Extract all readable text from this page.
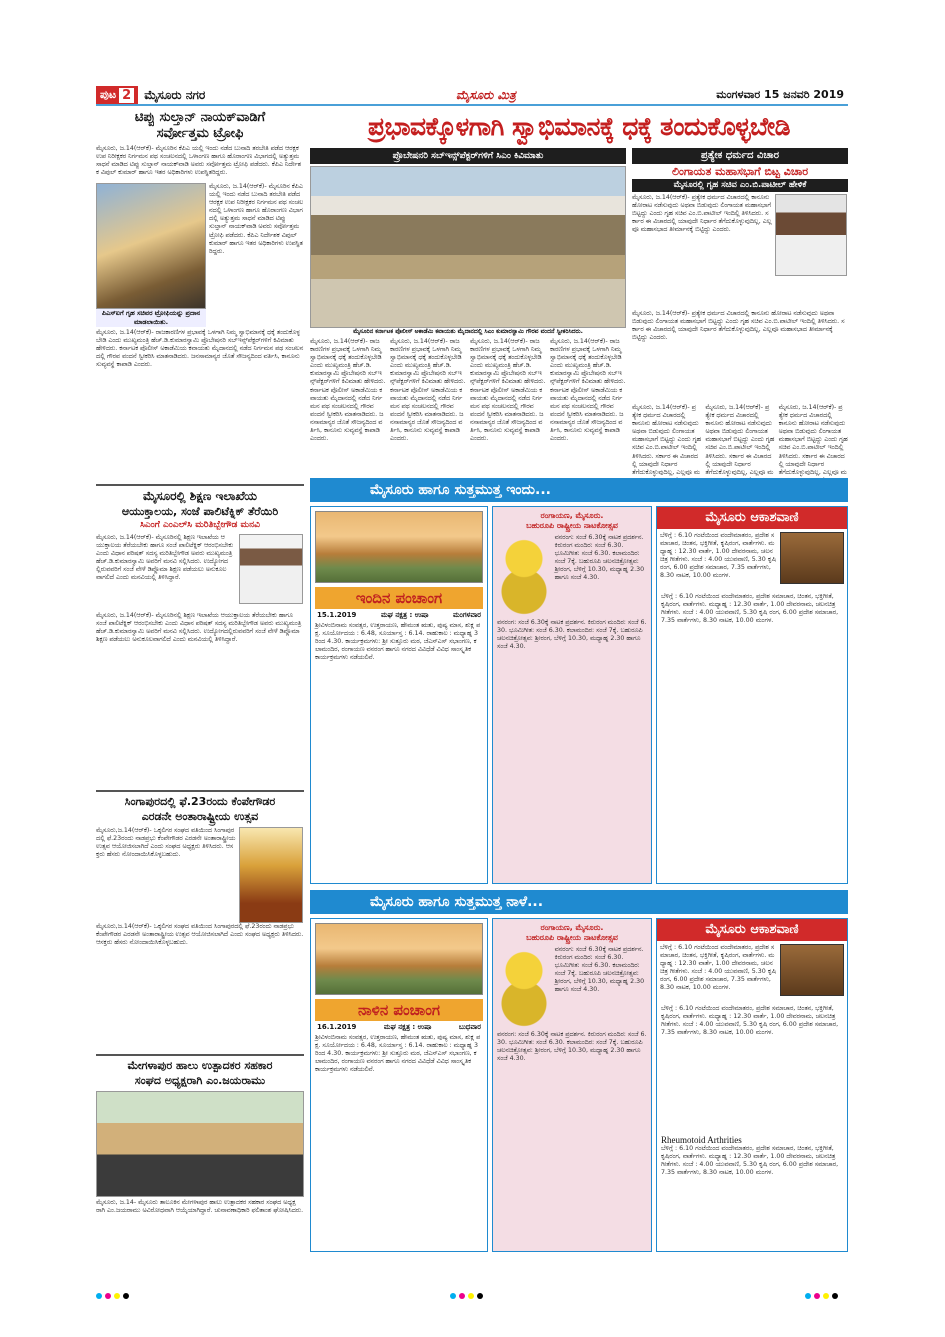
ಪುಟ 2 ಮೈಸೂರು ನಗರ	ಮೈಸೂರು ಮಿತ್ರ	ಮಂಗಳವಾರ 15 ಜನವರಿ 2019
ಟಿಪ್ಪು ಸುಲ್ತಾನ್ ನಾಯಕ್‌ವಾಡಿಗೆ
ಸರ್ವೋತ್ತಮ ಟ್ರೋಫಿ
ಮೈಸೂರು, ಜ.14(ಆರ್‌ಕೆ)- ಮೈಸೂರಿನ ಕೆಪಿಎ ಯಲ್ಲಿ ಇಂದು ನಡೆದ ಬುನಾದಿ ತರಬೇತಿ ಪಡೆದ ಆರಕ್ಷಕ ಉಪ ನಿರೀಕ್ಷಕರ ನಿರ್ಗಮನ ಪಥ ಸಂಚಲನದಲ್ಲಿ ಒಳಾಂಗಣ ಹಾಗೂ ಹೊರಾಂಗಣ ವಿಭಾಗದಲ್ಲಿ ಅತ್ಯುತ್ತಮ ಸಾಧನೆ ಮಾಡಿದ ಟಿಪ್ಪು ಸುಲ್ತಾನ್ ನಾಯಕ್‌ವಾಡಿ ಅವರು ಸರ್ವೋತ್ತಮ ಟ್ರೋಫಿ ಪಡೆದರು. ಕೆಪಿಎ ನಿರ್ದೇಶಕ ವಿಪುಲ್ ಕುಮಾರ್ ಹಾಗೂ ಇತರ ಅಧಿಕಾರಿಗಳು ಉಪಸ್ಥಿತರಿದ್ದರು.
ಮೈಸೂರು, ಜ.14(ಆರ್‌ಕೆ)- ಮೈಸೂರಿನ ಕೆಪಿಎ ಯಲ್ಲಿ ಇಂದು ನಡೆದ ಬುನಾದಿ ತರಬೇತಿ ಪಡೆದ ಆರಕ್ಷಕ ಉಪ ನಿರೀಕ್ಷಕರ ನಿರ್ಗಮನ ಪಥ ಸಂಚಲನದಲ್ಲಿ ಒಳಾಂಗಣ ಹಾಗೂ ಹೊರಾಂಗಣ ವಿಭಾಗದಲ್ಲಿ ಅತ್ಯುತ್ತಮ ಸಾಧನೆ ಮಾಡಿದ ಟಿಪ್ಪು ಸುಲ್ತಾನ್ ನಾಯಕ್‌ವಾಡಿ ಅವರು ಸರ್ವೋತ್ತಮ ಟ್ರೋಫಿ ಪಡೆದರು. ಕೆಪಿಎ ನಿರ್ದೇಶಕ ವಿಪುಲ್ ಕುಮಾರ್ ಹಾಗೂ ಇತರ ಅಧಿಕಾರಿಗಳು ಉಪಸ್ಥಿತರಿದ್ದರು.
ಪಿಎಸ್‌ಐಗೆ ಗೃಹ ಸಚಿವರ ಟ್ರೋಫಿಯನ್ನು ಪ್ರದಾನ ಮಾಡಲಾಯಿತು.
ಮೈಸೂರು, ಜ.14(ಆರ್‌ಕೆ)- ರಾಜಕಾರಣಿಗಳ ಪ್ರಭಾವಕ್ಕೆ ಒಳಗಾಗಿ ನಿಮ್ಮ ಸ್ವಾಭಿಮಾನಕ್ಕೆ ಧಕ್ಕೆ ತಂದುಕೊಳ್ಳಬೇಡಿ ಎಂದು ಮುಖ್ಯಮಂತ್ರಿ ಹೆಚ್.ಡಿ.ಕುಮಾರಸ್ವಾಮಿ ಪ್ರೊಬೇಷನರಿ ಸಬ್‌ಇನ್ಸ್‌ಪೆಕ್ಟರ್‌ಗಳಿಗೆ ಕಿವಿಮಾತು ಹೇಳಿದರು. ಕರ್ನಾಟಕ ಪೊಲೀಸ್ ಅಕಾಡೆಮಿಯ ಕವಾಯತು ಮೈದಾನದಲ್ಲಿ ನಡೆದ ನಿರ್ಗಮನ ಪಥ ಸಂಚಲನದಲ್ಲಿ ಗೌರವ ವಂದನೆ ಸ್ವೀಕರಿಸಿ ಮಾತನಾಡಿದರು. ಜನಸಾಮಾನ್ಯರ ಜೊತೆ ಸೌಜನ್ಯದಿಂದ ವರ್ತಿಸಿ, ಕಾನೂನು ಸುವ್ಯವಸ್ಥೆ ಕಾಪಾಡಿ ಎಂದರು.
ಮೈಸೂರಲ್ಲಿ ಶಿಕ್ಷಣ ಇಲಾಖೆಯ
ಆಯುಕ್ತಾಲಯ, ಸಂಜೆ ಪಾಲಿಟೆಕ್ನಿಕ್ ತೆರೆಯಿರಿ
ಸಿಎಂಗೆ ಎಂಎಲ್‌ಸಿ ಮರಿತಿಬ್ಬೇಗೌಡ ಮನವಿ
ಮೈಸೂರು, ಜ.14(ಆರ್‌ಕೆ)- ಮೈಸೂರಿನಲ್ಲಿ ಶಿಕ್ಷಣ ಇಲಾಖೆಯ ಆಯುಕ್ತಾಲಯ ತೆರೆಯಬೇಕು ಹಾಗೂ ಸಂಜೆ ಪಾಲಿಟೆಕ್ನಿಕ್ ಆರಂಭಿಸಬೇಕು ಎಂದು ವಿಧಾನ ಪರಿಷತ್ ಸದಸ್ಯ ಮರಿತಿಬ್ಬೇಗೌಡ ಅವರು ಮುಖ್ಯಮಂತ್ರಿ ಹೆಚ್.ಡಿ.ಕುಮಾರಸ್ವಾಮಿ ಅವರಿಗೆ ಮನವಿ ಸಲ್ಲಿಸಿದರು. ಉದ್ಯೋಗದಲ್ಲಿರುವವರಿಗೆ ಸಂಜೆ ವೇಳೆ ಡಿಪ್ಲೊಮಾ ಶಿಕ್ಷಣ ಪಡೆಯಲು ಅನುಕೂಲವಾಗಲಿದೆ ಎಂದು ಮನವಿಯಲ್ಲಿ ತಿಳಿಸಿದ್ದಾರೆ.
ಮೈಸೂರು, ಜ.14(ಆರ್‌ಕೆ)- ಮೈಸೂರಿನಲ್ಲಿ ಶಿಕ್ಷಣ ಇಲಾಖೆಯ ಆಯುಕ್ತಾಲಯ ತೆರೆಯಬೇಕು ಹಾಗೂ ಸಂಜೆ ಪಾಲಿಟೆಕ್ನಿಕ್ ಆರಂಭಿಸಬೇಕು ಎಂದು ವಿಧಾನ ಪರಿಷತ್ ಸದಸ್ಯ ಮರಿತಿಬ್ಬೇಗೌಡ ಅವರು ಮುಖ್ಯಮಂತ್ರಿ ಹೆಚ್.ಡಿ.ಕುಮಾರಸ್ವಾಮಿ ಅವರಿಗೆ ಮನವಿ ಸಲ್ಲಿಸಿದರು. ಉದ್ಯೋಗದಲ್ಲಿರುವವರಿಗೆ ಸಂಜೆ ವೇಳೆ ಡಿಪ್ಲೊಮಾ ಶಿಕ್ಷಣ ಪಡೆಯಲು ಅನುಕೂಲವಾಗಲಿದೆ ಎಂದು ಮನವಿಯಲ್ಲಿ ತಿಳಿಸಿದ್ದಾರೆ.
ಸಿಂಗಾಪುರದಲ್ಲಿ ಫೆ.23ರಂದು ಕೆಂಪೇಗೌಡರ
ಎರಡನೇ ಅಂತಾರಾಷ್ಟ್ರೀಯ ಉತ್ಸವ
ಮೈಸೂರು,ಜ.14(ಆರ್‌ಕೆ)- ಒಕ್ಕಲಿಗರ ಸಂಘದ ವತಿಯಿಂದ ಸಿಂಗಾಪುರದಲ್ಲಿ ಫೆ.23ರಂದು ನಾಡಪ್ರಭು ಕೆಂಪೇಗೌಡರ ಎರಡನೇ ಅಂತಾರಾಷ್ಟ್ರೀಯ ಉತ್ಸವ ಆಯೋಜಿಸಲಾಗಿದೆ ಎಂದು ಸಂಘದ ಅಧ್ಯಕ್ಷರು ತಿಳಿಸಿದರು. ಆಸಕ್ತರು ಹೆಸರು ನೋಂದಾಯಿಸಿಕೊಳ್ಳಬಹುದು.
ಮೈಸೂರು,ಜ.14(ಆರ್‌ಕೆ)- ಒಕ್ಕಲಿಗರ ಸಂಘದ ವತಿಯಿಂದ ಸಿಂಗಾಪುರದಲ್ಲಿ ಫೆ.23ರಂದು ನಾಡಪ್ರಭು ಕೆಂಪೇಗೌಡರ ಎರಡನೇ ಅಂತಾರಾಷ್ಟ್ರೀಯ ಉತ್ಸವ ಆಯೋಜಿಸಲಾಗಿದೆ ಎಂದು ಸಂಘದ ಅಧ್ಯಕ್ಷರು ತಿಳಿಸಿದರು. ಆಸಕ್ತರು ಹೆಸರು ನೋಂದಾಯಿಸಿಕೊಳ್ಳಬಹುದು.
ಮೇಗಳಾಪುರ ಹಾಲು ಉತ್ಪಾದಕರ ಸಹಕಾರ
ಸಂಘದ ಅಧ್ಯಕ್ಷರಾಗಿ ಎಂ.ಜಯರಾಮು
ಮೈಸೂರು, ಜ.14- ಮೈಸೂರು ತಾಲೂಕಿನ ಮೇಗಳಾಪುರ ಹಾಲು ಉತ್ಪಾದಕರ ಸಹಕಾರ ಸಂಘದ ಅಧ್ಯಕ್ಷರಾಗಿ ಎಂ.ಜಯರಾಮು ಅವಿರೋಧವಾಗಿ ಆಯ್ಕೆಯಾಗಿದ್ದಾರೆ. ಚುನಾವಣಾಧಿಕಾರಿ ಫಲಿತಾಂಶ ಘೋಷಿಸಿದರು.
ಪ್ರಭಾವಕ್ಕೊಳಗಾಗಿ ಸ್ವಾಭಿಮಾನಕ್ಕೆ ಧಕ್ಕೆ ತಂದುಕೊಳ್ಳಬೇಡಿ
ಪ್ರೊಬೇಷನರಿ ಸಬ್‌ಇನ್ಸ್‌ಪೆಕ್ಟರ್‌ಗಳಿಗೆ ಸಿಎಂ ಕಿವಿಮಾತು
ಮೈಸೂರಿನ ಕರ್ನಾಟಕ ಪೊಲೀಸ್ ಅಕಾಡೆಮಿ ಕವಾಯತು ಮೈದಾನದಲ್ಲಿ ಸಿಎಂ ಕುಮಾರಸ್ವಾಮಿ ಗೌರವ ವಂದನೆ ಸ್ವೀಕರಿಸಿದರು.
ಮೈಸೂರು, ಜ.14(ಆರ್‌ಕೆ)- ರಾಜಕಾರಣಿಗಳ ಪ್ರಭಾವಕ್ಕೆ ಒಳಗಾಗಿ ನಿಮ್ಮ ಸ್ವಾಭಿಮಾನಕ್ಕೆ ಧಕ್ಕೆ ತಂದುಕೊಳ್ಳಬೇಡಿ ಎಂದು ಮುಖ್ಯಮಂತ್ರಿ ಹೆಚ್.ಡಿ.ಕುಮಾರಸ್ವಾಮಿ ಪ್ರೊಬೇಷನರಿ ಸಬ್‌ಇನ್ಸ್‌ಪೆಕ್ಟರ್‌ಗಳಿಗೆ ಕಿವಿಮಾತು ಹೇಳಿದರು. ಕರ್ನಾಟಕ ಪೊಲೀಸ್ ಅಕಾಡೆಮಿಯ ಕವಾಯತು ಮೈದಾನದಲ್ಲಿ ನಡೆದ ನಿರ್ಗಮನ ಪಥ ಸಂಚಲನದಲ್ಲಿ ಗೌರವ ವಂದನೆ ಸ್ವೀಕರಿಸಿ ಮಾತನಾಡಿದರು. ಜನಸಾಮಾನ್ಯರ ಜೊತೆ ಸೌಜನ್ಯದಿಂದ ವರ್ತಿಸಿ, ಕಾನೂನು ಸುವ್ಯವಸ್ಥೆ ಕಾಪಾಡಿ ಎಂದರು.
ಮೈಸೂರು, ಜ.14(ಆರ್‌ಕೆ)- ರಾಜಕಾರಣಿಗಳ ಪ್ರಭಾವಕ್ಕೆ ಒಳಗಾಗಿ ನಿಮ್ಮ ಸ್ವಾಭಿಮಾನಕ್ಕೆ ಧಕ್ಕೆ ತಂದುಕೊಳ್ಳಬೇಡಿ ಎಂದು ಮುಖ್ಯಮಂತ್ರಿ ಹೆಚ್.ಡಿ.ಕುಮಾರಸ್ವಾಮಿ ಪ್ರೊಬೇಷನರಿ ಸಬ್‌ಇನ್ಸ್‌ಪೆಕ್ಟರ್‌ಗಳಿಗೆ ಕಿವಿಮಾತು ಹೇಳಿದರು. ಕರ್ನಾಟಕ ಪೊಲೀಸ್ ಅಕಾಡೆಮಿಯ ಕವಾಯತು ಮೈದಾನದಲ್ಲಿ ನಡೆದ ನಿರ್ಗಮನ ಪಥ ಸಂಚಲನದಲ್ಲಿ ಗೌರವ ವಂದನೆ ಸ್ವೀಕರಿಸಿ ಮಾತನಾಡಿದರು. ಜನಸಾಮಾನ್ಯರ ಜೊತೆ ಸೌಜನ್ಯದಿಂದ ವರ್ತಿಸಿ, ಕಾನೂನು ಸುವ್ಯವಸ್ಥೆ ಕಾಪಾಡಿ ಎಂದರು.
ಮೈಸೂರು, ಜ.14(ಆರ್‌ಕೆ)- ರಾಜಕಾರಣಿಗಳ ಪ್ರಭಾವಕ್ಕೆ ಒಳಗಾಗಿ ನಿಮ್ಮ ಸ್ವಾಭಿಮಾನಕ್ಕೆ ಧಕ್ಕೆ ತಂದುಕೊಳ್ಳಬೇಡಿ ಎಂದು ಮುಖ್ಯಮಂತ್ರಿ ಹೆಚ್.ಡಿ.ಕುಮಾರಸ್ವಾಮಿ ಪ್ರೊಬೇಷನರಿ ಸಬ್‌ಇನ್ಸ್‌ಪೆಕ್ಟರ್‌ಗಳಿಗೆ ಕಿವಿಮಾತು ಹೇಳಿದರು. ಕರ್ನಾಟಕ ಪೊಲೀಸ್ ಅಕಾಡೆಮಿಯ ಕವಾಯತು ಮೈದಾನದಲ್ಲಿ ನಡೆದ ನಿರ್ಗಮನ ಪಥ ಸಂಚಲನದಲ್ಲಿ ಗೌರವ ವಂದನೆ ಸ್ವೀಕರಿಸಿ ಮಾತನಾಡಿದರು. ಜನಸಾಮಾನ್ಯರ ಜೊತೆ ಸೌಜನ್ಯದಿಂದ ವರ್ತಿಸಿ, ಕಾನೂನು ಸುವ್ಯವಸ್ಥೆ ಕಾಪಾಡಿ ಎಂದರು.
ಮೈಸೂರು, ಜ.14(ಆರ್‌ಕೆ)- ರಾಜಕಾರಣಿಗಳ ಪ್ರಭಾವಕ್ಕೆ ಒಳಗಾಗಿ ನಿಮ್ಮ ಸ್ವಾಭಿಮಾನಕ್ಕೆ ಧಕ್ಕೆ ತಂದುಕೊಳ್ಳಬೇಡಿ ಎಂದು ಮುಖ್ಯಮಂತ್ರಿ ಹೆಚ್.ಡಿ.ಕುಮಾರಸ್ವಾಮಿ ಪ್ರೊಬೇಷನರಿ ಸಬ್‌ಇನ್ಸ್‌ಪೆಕ್ಟರ್‌ಗಳಿಗೆ ಕಿವಿಮಾತು ಹೇಳಿದರು. ಕರ್ನಾಟಕ ಪೊಲೀಸ್ ಅಕಾಡೆಮಿಯ ಕವಾಯತು ಮೈದಾನದಲ್ಲಿ ನಡೆದ ನಿರ್ಗಮನ ಪಥ ಸಂಚಲನದಲ್ಲಿ ಗೌರವ ವಂದನೆ ಸ್ವೀಕರಿಸಿ ಮಾತನಾಡಿದರು. ಜನಸಾಮಾನ್ಯರ ಜೊತೆ ಸೌಜನ್ಯದಿಂದ ವರ್ತಿಸಿ, ಕಾನೂನು ಸುವ್ಯವಸ್ಥೆ ಕಾಪಾಡಿ ಎಂದರು.
ಪ್ರತ್ಯೇಕ ಧರ್ಮದ ವಿಚಾರ
ಲಿಂಗಾಯತ ಮಹಾಸಭಾಗೆ ಬಿಟ್ಟ ವಿಚಾರ
ಮೈಸೂರಲ್ಲಿ ಗೃಹ ಸಚಿವ ಎಂ.ಬಿ.ಪಾಟೀಲ್ ಹೇಳಿಕೆ
ಮೈಸೂರು, ಜ.14(ಆರ್‌ಕೆ)- ಪ್ರತ್ಯೇಕ ಧರ್ಮದ ವಿಚಾರದಲ್ಲಿ ಕಾನೂನು ಹೋರಾಟ ನಡೆಸುವುದು ಅಥವಾ ಬಿಡುವುದು ಲಿಂಗಾಯತ ಮಹಾಸಭಾಗೆ ಬಿಟ್ಟದ್ದು ಎಂದು ಗೃಹ ಸಚಿವ ಎಂ.ಬಿ.ಪಾಟೀಲ್ ಇಂದಿಲ್ಲಿ ತಿಳಿಸಿದರು. ಸರ್ಕಾರ ಈ ವಿಚಾರದಲ್ಲಿ ಯಾವುದೇ ನಿರ್ಧಾರ ತೆಗೆದುಕೊಳ್ಳುವುದಿಲ್ಲ, ಎಲ್ಲವೂ ಮಹಾಸಭಾದ ತೀರ್ಮಾನಕ್ಕೆ ಬಿಟ್ಟಿದ್ದು ಎಂದರು.
ಮೈಸೂರು, ಜ.14(ಆರ್‌ಕೆ)- ಪ್ರತ್ಯೇಕ ಧರ್ಮದ ವಿಚಾರದಲ್ಲಿ ಕಾನೂನು ಹೋರಾಟ ನಡೆಸುವುದು ಅಥವಾ ಬಿಡುವುದು ಲಿಂಗಾಯತ ಮಹಾಸಭಾಗೆ ಬಿಟ್ಟದ್ದು ಎಂದು ಗೃಹ ಸಚಿವ ಎಂ.ಬಿ.ಪಾಟೀಲ್ ಇಂದಿಲ್ಲಿ ತಿಳಿಸಿದರು. ಸರ್ಕಾರ ಈ ವಿಚಾರದಲ್ಲಿ ಯಾವುದೇ ನಿರ್ಧಾರ ತೆಗೆದುಕೊಳ್ಳುವುದಿಲ್ಲ, ಎಲ್ಲವೂ ಮಹಾಸಭಾದ ತೀರ್ಮಾನಕ್ಕೆ ಬಿಟ್ಟಿದ್ದು ಎಂದರು.
ಮೈಸೂರು, ಜ.14(ಆರ್‌ಕೆ)- ಪ್ರತ್ಯೇಕ ಧರ್ಮದ ವಿಚಾರದಲ್ಲಿ ಕಾನೂನು ಹೋರಾಟ ನಡೆಸುವುದು ಅಥವಾ ಬಿಡುವುದು ಲಿಂಗಾಯತ ಮಹಾಸಭಾಗೆ ಬಿಟ್ಟದ್ದು ಎಂದು ಗೃಹ ಸಚಿವ ಎಂ.ಬಿ.ಪಾಟೀಲ್ ಇಂದಿಲ್ಲಿ ತಿಳಿಸಿದರು. ಸರ್ಕಾರ ಈ ವಿಚಾರದಲ್ಲಿ ಯಾವುದೇ ನಿರ್ಧಾರ ತೆಗೆದುಕೊಳ್ಳುವುದಿಲ್ಲ, ಎಲ್ಲವೂ ಮ
ಮೈಸೂರು, ಜ.14(ಆರ್‌ಕೆ)- ಪ್ರತ್ಯೇಕ ಧರ್ಮದ ವಿಚಾರದಲ್ಲಿ ಕಾನೂನು ಹೋರಾಟ ನಡೆಸುವುದು ಅಥವಾ ಬಿಡುವುದು ಲಿಂಗಾಯತ ಮಹಾಸಭಾಗೆ ಬಿಟ್ಟದ್ದು ಎಂದು ಗೃಹ ಸಚಿವ ಎಂ.ಬಿ.ಪಾಟೀಲ್ ಇಂದಿಲ್ಲಿ ತಿಳಿಸಿದರು. ಸರ್ಕಾರ ಈ ವಿಚಾರದಲ್ಲಿ ಯಾವುದೇ ನಿರ್ಧಾರ ತೆಗೆದುಕೊಳ್ಳುವುದಿಲ್ಲ, ಎಲ್ಲವೂ ಮ
ಮೈಸೂರು, ಜ.14(ಆರ್‌ಕೆ)- ಪ್ರತ್ಯೇಕ ಧರ್ಮದ ವಿಚಾರದಲ್ಲಿ ಕಾನೂನು ಹೋರಾಟ ನಡೆಸುವುದು ಅಥವಾ ಬಿಡುವುದು ಲಿಂಗಾಯತ ಮಹಾಸಭಾಗೆ ಬಿಟ್ಟದ್ದು ಎಂದು ಗೃಹ ಸಚಿವ ಎಂ.ಬಿ.ಪಾಟೀಲ್ ಇಂದಿಲ್ಲಿ ತಿಳಿಸಿದರು. ಸರ್ಕಾರ ಈ ವಿಚಾರದಲ್ಲಿ ಯಾವುದೇ ನಿರ್ಧಾರ ತೆಗೆದುಕೊಳ್ಳುವುದಿಲ್ಲ, ಎಲ್ಲವೂ ಮ
ಮೈಸೂರು ಹಾಗೂ ಸುತ್ತಮುತ್ತ ಇಂದು...
ಇಂದಿನ ಪಂಚಾಂಗ
15.1.2019	ಮಘ ನಕ್ಷತ್ರ : ಉಷಾ	ಮಂಗಳವಾರ
ಶ್ರೀವಿಳಂಬಿನಾಮ ಸಂವತ್ಸರ, ಉತ್ತರಾಯಣ, ಹೇಮಂತ ಋತು, ಪುಷ್ಯ ಮಾಸ, ಶುಕ್ಲ ಪಕ್ಷ. ಸೂರ್ಯೋದಯ : 6.48, ಸೂರ್ಯಾಸ್ತ : 6.14. ರಾಹುಕಾಲ : ಮಧ್ಯಾಹ್ನ 3 ರಿಂದ 4.30. ಕಾರ್ಯಕ್ರಮಗಳು: ಶ್ರೀ ಸುತ್ತೂರು ಮಠ, ಜೆಎಸ್‌ಎಸ್ ಸಭಾಂಗಣ, ಕಲಾಮಂದಿರ, ರಂಗಾಯಣ ವನರಂಗ ಹಾಗೂ ನಗರದ ವಿವಿಧೆಡೆ ವಿವಿಧ ಸಾಂಸ್ಕೃತಿಕ ಕಾರ್ಯಕ್ರಮಗಳು ನಡೆಯಲಿವೆ.
ರಂಗಾಯಣ, ಮೈಸೂರು.
ಬಹುರೂಪಿ ರಾಷ್ಟ್ರೀಯ ನಾಟಕೋತ್ಸವ
ವನರಂಗ: ಸಂಜೆ 6.30ಕ್ಕೆ ನಾಟಕ ಪ್ರದರ್ಶನ. ಕಿರುರಂಗ ಮಂದಿರ: ಸಂಜೆ 6.30. ಭೂಮಿಗೀತ: ಸಂಜೆ 6.30. ಕಲಾಮಂದಿರ: ಸಂಜೆ 7ಕ್ಕೆ. ಬಹುರೂಪಿ ಚಲನಚಿತ್ರೋತ್ಸವ: ಶ್ರೀರಂಗ, ಬೆಳಿಗ್ಗೆ 10.30, ಮಧ್ಯಾಹ್ನ 2.30 ಹಾಗೂ ಸಂಜೆ 4.30.
ವನರಂಗ: ಸಂಜೆ 6.30ಕ್ಕೆ ನಾಟಕ ಪ್ರದರ್ಶನ. ಕಿರುರಂಗ ಮಂದಿರ: ಸಂಜೆ 6.30. ಭೂಮಿಗೀತ: ಸಂಜೆ 6.30. ಕಲಾಮಂದಿರ: ಸಂಜೆ 7ಕ್ಕೆ. ಬಹುರೂಪಿ ಚಲನಚಿತ್ರೋತ್ಸವ: ಶ್ರೀರಂಗ, ಬೆಳಿಗ್ಗೆ 10.30, ಮಧ್ಯಾಹ್ನ 2.30 ಹಾಗೂ ಸಂಜೆ 4.30.
ಮೈಸೂರು ಆಕಾಶವಾಣಿ
ಬೆಳಿಗ್ಗೆ : 6.10 ಗಂಟೆಯಿಂದ ವಂದೇಮಾತರಂ, ಪ್ರದೇಶ ಸಮಾಚಾರ, ಚಿಂತನ, ಭಕ್ತಿಗೀತೆ, ಕೃಷಿರಂಗ, ವಾರ್ತೆಗಳು. ಮಧ್ಯಾಹ್ನ : 12.30 ವಾರ್ತೆ, 1.00 ದೇವರನಾಮ, ಚಲನಚಿತ್ರ ಗೀತೆಗಳು. ಸಂಜೆ : 4.00 ಯುವವಾಣಿ, 5.30 ಕೃಷಿ ರಂಗ, 6.00 ಪ್ರದೇಶ ಸಮಾಚಾರ, 7.35 ವಾರ್ತೆಗಳು, 8.30 ನಾಟಕ, 10.00 ಮಂಗಳ.
ಬೆಳಿಗ್ಗೆ : 6.10 ಗಂಟೆಯಿಂದ ವಂದೇಮಾತರಂ, ಪ್ರದೇಶ ಸಮಾಚಾರ, ಚಿಂತನ, ಭಕ್ತಿಗೀತೆ, ಕೃಷಿರಂಗ, ವಾರ್ತೆಗಳು. ಮಧ್ಯಾಹ್ನ : 12.30 ವಾರ್ತೆ, 1.00 ದೇವರನಾಮ, ಚಲನಚಿತ್ರ ಗೀತೆಗಳು. ಸಂಜೆ : 4.00 ಯುವವಾಣಿ, 5.30 ಕೃಷಿ ರಂಗ, 6.00 ಪ್ರದೇಶ ಸಮಾಚಾರ, 7.35 ವಾರ್ತೆಗಳು, 8.30 ನಾಟಕ, 10.00 ಮಂಗಳ.
ಮೈಸೂರು ಹಾಗೂ ಸುತ್ತಮುತ್ತ ನಾಳೆ...
ನಾಳಿನ ಪಂಚಾಂಗ
16.1.2019	ಮಘ ನಕ್ಷತ್ರ : ಉಷಾ	ಬುಧವಾರ
ಶ್ರೀವಿಳಂಬಿನಾಮ ಸಂವತ್ಸರ, ಉತ್ತರಾಯಣ, ಹೇಮಂತ ಋತು, ಪುಷ್ಯ ಮಾಸ, ಶುಕ್ಲ ಪಕ್ಷ. ಸೂರ್ಯೋದಯ : 6.48, ಸೂರ್ಯಾಸ್ತ : 6.14. ರಾಹುಕಾಲ : ಮಧ್ಯಾಹ್ನ 3 ರಿಂದ 4.30. ಕಾರ್ಯಕ್ರಮಗಳು: ಶ್ರೀ ಸುತ್ತೂರು ಮಠ, ಜೆಎಸ್‌ಎಸ್ ಸಭಾಂಗಣ, ಕಲಾಮಂದಿರ, ರಂಗಾಯಣ ವನರಂಗ ಹಾಗೂ ನಗರದ ವಿವಿಧೆಡೆ ವಿವಿಧ ಸಾಂಸ್ಕೃತಿಕ ಕಾರ್ಯಕ್ರಮಗಳು ನಡೆಯಲಿವೆ.
ರಂಗಾಯಣ, ಮೈಸೂರು.
ಬಹುರೂಪಿ ರಾಷ್ಟ್ರೀಯ ನಾಟಕೋತ್ಸವ
ವನರಂಗ: ಸಂಜೆ 6.30ಕ್ಕೆ ನಾಟಕ ಪ್ರದರ್ಶನ. ಕಿರುರಂಗ ಮಂದಿರ: ಸಂಜೆ 6.30. ಭೂಮಿಗೀತ: ಸಂಜೆ 6.30. ಕಲಾಮಂದಿರ: ಸಂಜೆ 7ಕ್ಕೆ. ಬಹುರೂಪಿ ಚಲನಚಿತ್ರೋತ್ಸವ: ಶ್ರೀರಂಗ, ಬೆಳಿಗ್ಗೆ 10.30, ಮಧ್ಯಾಹ್ನ 2.30 ಹಾಗೂ ಸಂಜೆ 4.30.
ವನರಂಗ: ಸಂಜೆ 6.30ಕ್ಕೆ ನಾಟಕ ಪ್ರದರ್ಶನ. ಕಿರುರಂಗ ಮಂದಿರ: ಸಂಜೆ 6.30. ಭೂಮಿಗೀತ: ಸಂಜೆ 6.30. ಕಲಾಮಂದಿರ: ಸಂಜೆ 7ಕ್ಕೆ. ಬಹುರೂಪಿ ಚಲನಚಿತ್ರೋತ್ಸವ: ಶ್ರೀರಂಗ, ಬೆಳಿಗ್ಗೆ 10.30, ಮಧ್ಯಾಹ್ನ 2.30 ಹಾಗೂ ಸಂಜೆ 4.30.
ಮೈಸೂರು ಆಕಾಶವಾಣಿ
ಬೆಳಿಗ್ಗೆ : 6.10 ಗಂಟೆಯಿಂದ ವಂದೇಮಾತರಂ, ಪ್ರದೇಶ ಸಮಾಚಾರ, ಚಿಂತನ, ಭಕ್ತಿಗೀತೆ, ಕೃಷಿರಂಗ, ವಾರ್ತೆಗಳು. ಮಧ್ಯಾಹ್ನ : 12.30 ವಾರ್ತೆ, 1.00 ದೇವರನಾಮ, ಚಲನಚಿತ್ರ ಗೀತೆಗಳು. ಸಂಜೆ : 4.00 ಯುವವಾಣಿ, 5.30 ಕೃಷಿ ರಂಗ, 6.00 ಪ್ರದೇಶ ಸಮಾಚಾರ, 7.35 ವಾರ್ತೆಗಳು, 8.30 ನಾಟಕ, 10.00 ಮಂಗಳ.
ಬೆಳಿಗ್ಗೆ : 6.10 ಗಂಟೆಯಿಂದ ವಂದೇಮಾತರಂ, ಪ್ರದೇಶ ಸಮಾಚಾರ, ಚಿಂತನ, ಭಕ್ತಿಗೀತೆ, ಕೃಷಿರಂಗ, ವಾರ್ತೆಗಳು. ಮಧ್ಯಾಹ್ನ : 12.30 ವಾರ್ತೆ, 1.00 ದೇವರನಾಮ, ಚಲನಚಿತ್ರ ಗೀತೆಗಳು. ಸಂಜೆ : 4.00 ಯುವವಾಣಿ, 5.30 ಕೃಷಿ ರಂಗ, 6.00 ಪ್ರದೇಶ ಸಮಾಚಾರ, 7.35 ವಾರ್ತೆಗಳು, 8.30 ನಾಟಕ, 10.00 ಮಂಗಳ.
Rheumotoid Arthrities
ಬೆಳಿಗ್ಗೆ : 6.10 ಗಂಟೆಯಿಂದ ವಂದೇಮಾತರಂ, ಪ್ರದೇಶ ಸಮಾಚಾರ, ಚಿಂತನ, ಭಕ್ತಿಗೀತೆ, ಕೃಷಿರಂಗ, ವಾರ್ತೆಗಳು. ಮಧ್ಯಾಹ್ನ : 12.30 ವಾರ್ತೆ, 1.00 ದೇವರನಾಮ, ಚಲನಚಿತ್ರ ಗೀತೆಗಳು. ಸಂಜೆ : 4.00 ಯುವವಾಣಿ, 5.30 ಕೃಷಿ ರಂಗ, 6.00 ಪ್ರದೇಶ ಸಮಾಚಾರ, 7.35 ವಾರ್ತೆಗಳು, 8.30 ನಾಟಕ, 10.00 ಮಂಗಳ.
